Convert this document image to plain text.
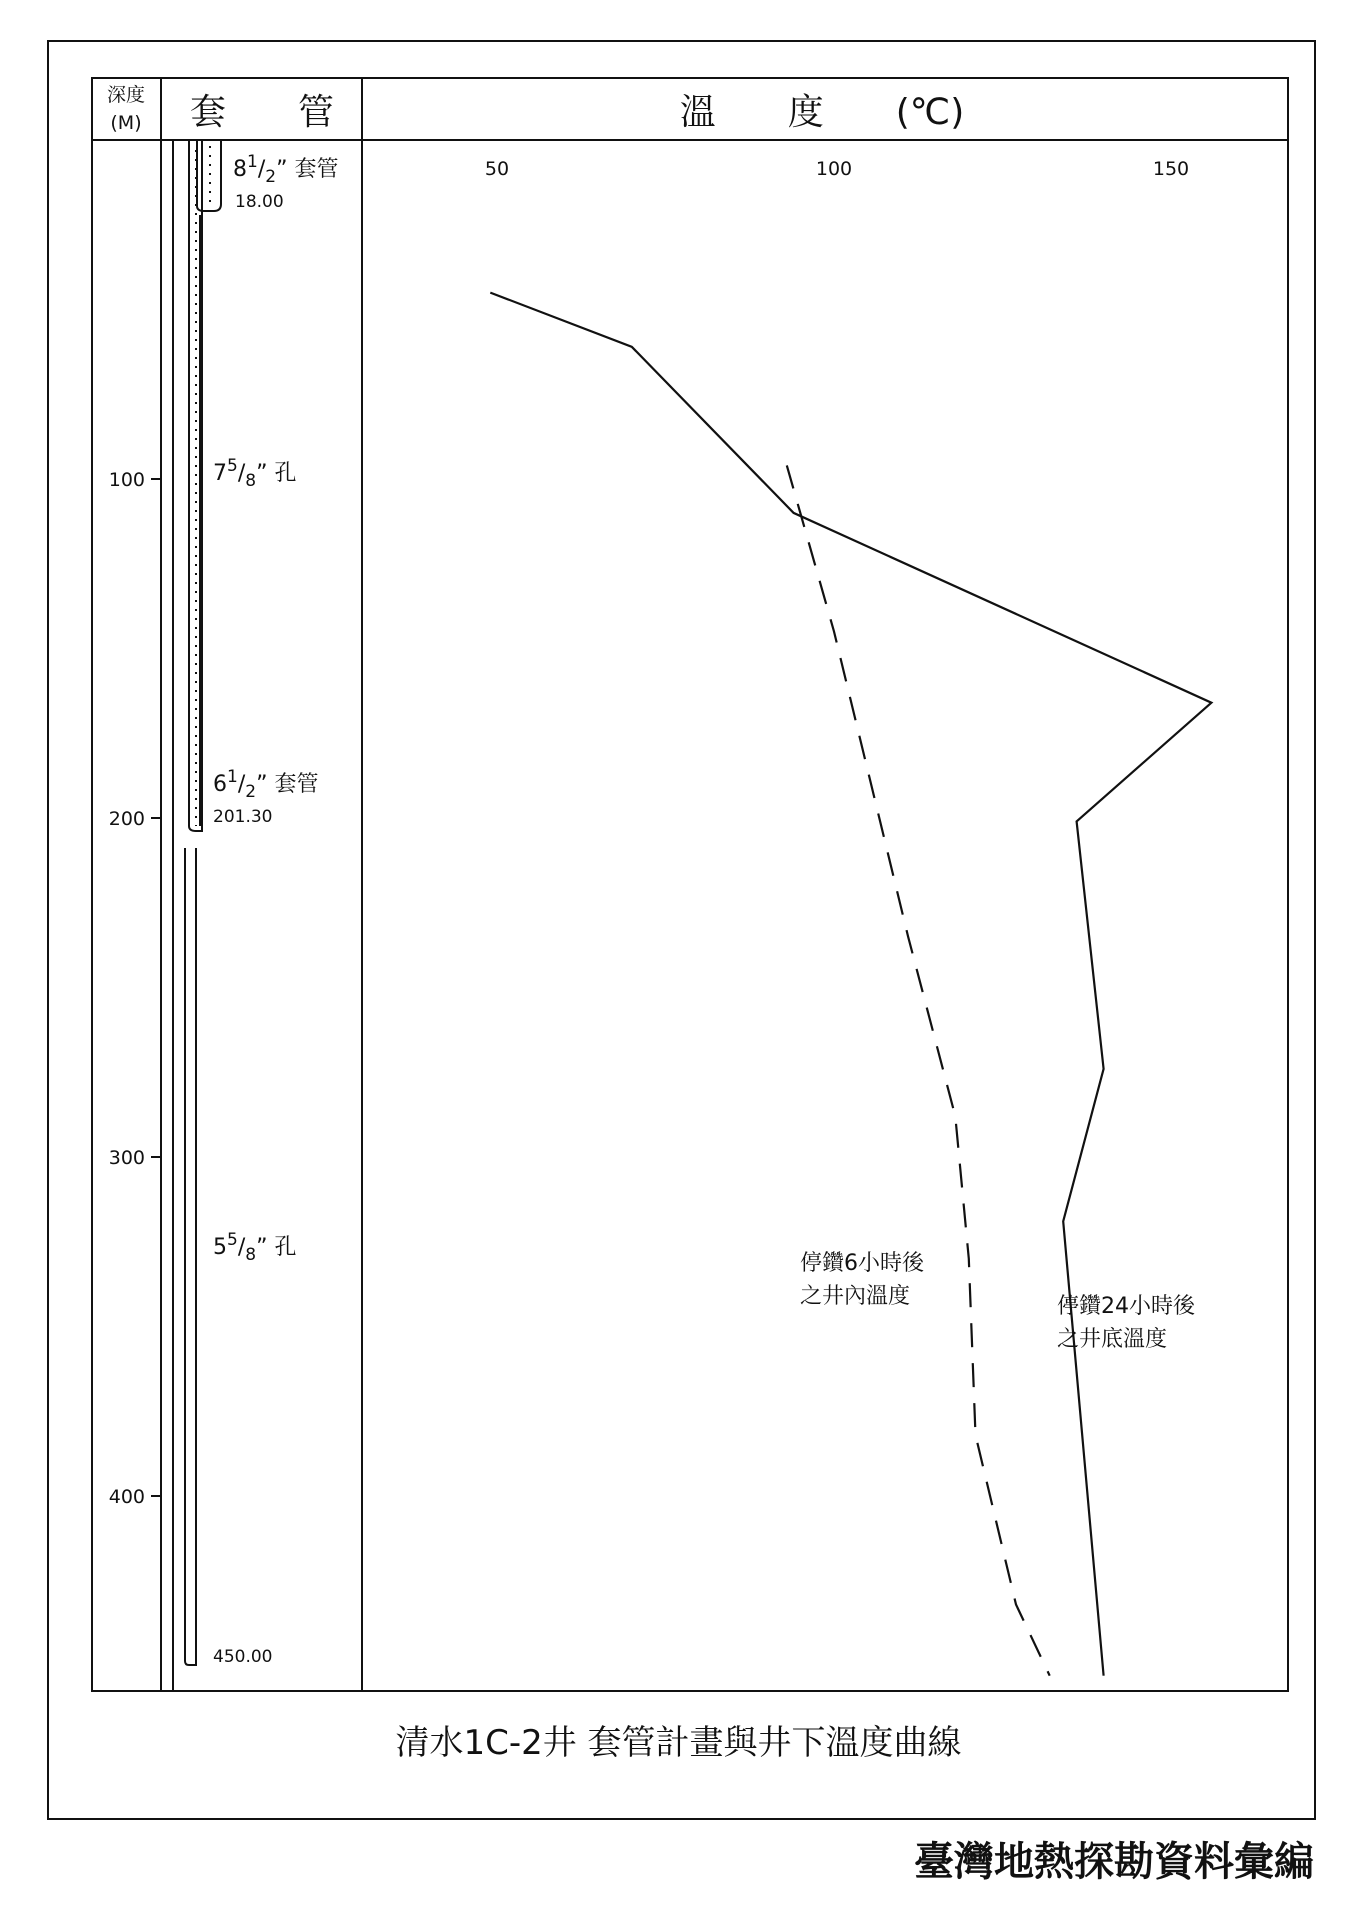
深度
(M) 套　　管	溫　　度　　(℃)
$8^1/_2$” 套管
18.00
$7^5/_8$” 孔
$6^1/_2$” 套管
201.30
$5^5/_8$” 孔
450.00
50	100	150
100
200
300
400
停鑽6小時後 之井內溫度	停鑽24小時後 之井底溫度
清水1C-2井 套管計畫與井下溫度曲線
臺灣地熱探勘資料彙編
